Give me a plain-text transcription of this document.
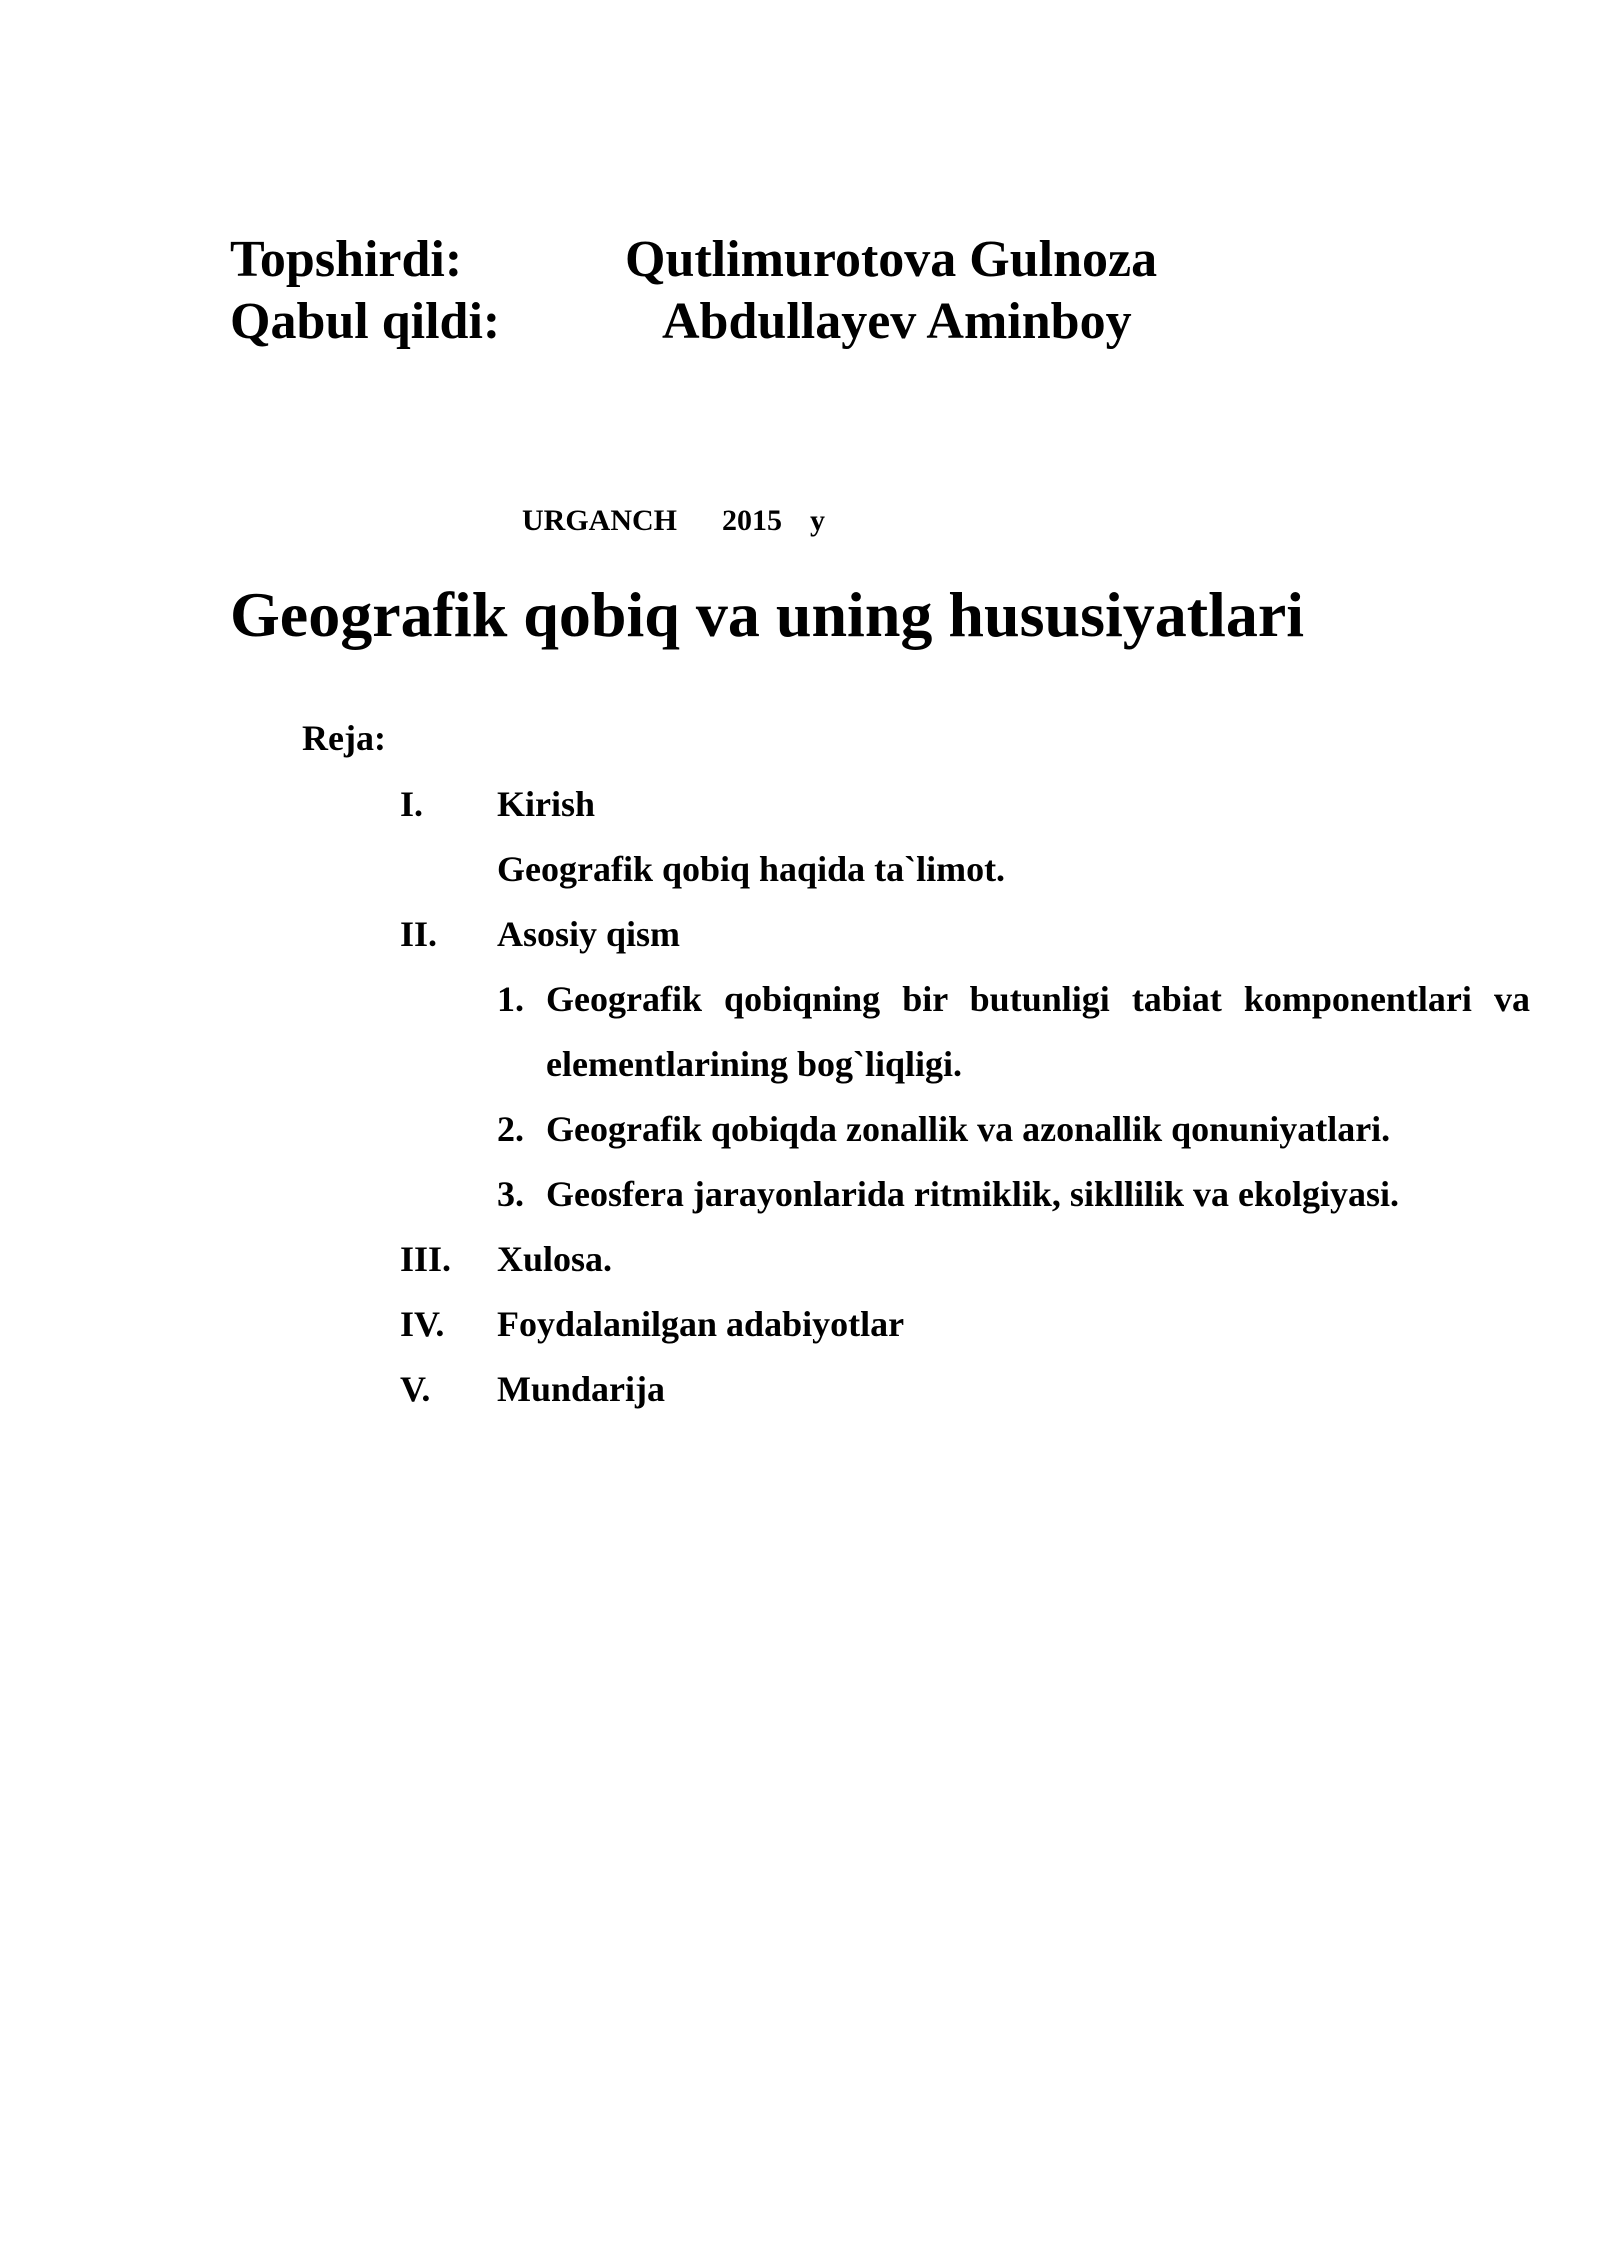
Topshirdi:	Qutlimurotova Gulnoza
Qabul qildi:	Abdullayev Aminboy
URGANCH 2015 y
Geografik qobiq va uning hususiyatlari
Reja:
I. Kirish
Geografik qobiq haqida ta`limot.
II. Asosiy qism
1. Geografik qobiqning bir butunligi tabiat komponentlari va
elementlarining bog`liqligi.
2. Geografik qobiqda zonallik va azonallik qonuniyatlari.
3. Geosfera jarayonlarida ritmiklik, sikllilik va ekolgiyasi.
III. Xulosa.
IV. Foydalanilgan adabiyotlar
V. Mundarija
